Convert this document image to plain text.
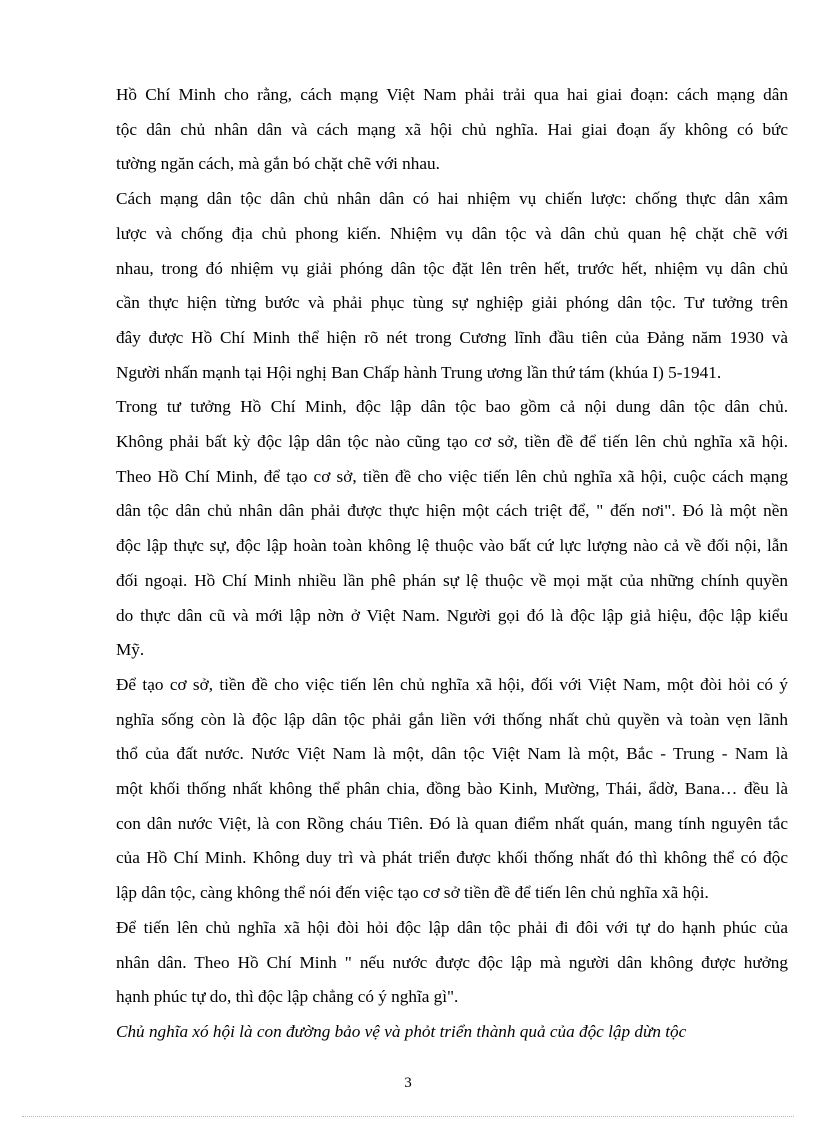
Hồ Chí Minh cho rằng, cách mạng Việt Nam phải trải qua hai giai đoạn: cách mạng dân
tộc dân chủ nhân dân và cách mạng xã hội chủ nghĩa. Hai giai đoạn ấy không có bức
tường ngăn cách, mà gắn bó chặt chẽ với nhau.

Cách mạng dân tộc dân chủ nhân dân có hai nhiệm vụ chiến lược: chống thực dân xâm
lược và chống địa chủ phong kiến. Nhiệm vụ dân tộc và dân chủ quan hệ chặt chẽ với
nhau, trong đó nhiệm vụ giải phóng dân tộc đặt lên trên hết, trước hết, nhiệm vụ dân chủ
cần thực hiện từng bước và phải phục tùng sự nghiệp giải phóng dân tộc. Tư tưởng trên
đây được Hồ Chí Minh thể hiện rõ nét trong Cương lĩnh đầu tiên của Đảng năm 1930 và
Người nhấn mạnh tại Hội nghị Ban Chấp hành Trung ương lần thứ tám (khúa I) 5-1941.

Trong tư tưởng Hồ Chí Minh, độc lập dân tộc bao gồm cả nội dung dân tộc dân chủ.
Không phải bất kỳ độc lập dân tộc nào cũng tạo cơ sở, tiền đề để tiến lên chủ nghĩa xã hội.
Theo Hồ Chí Minh, để tạo cơ sở, tiền đề cho việc tiến lên chủ nghĩa xã hội, cuộc cách mạng
dân tộc dân chủ nhân dân phải được thực hiện một cách triệt để, " đến nơi". Đó là một nền
độc lập thực sự, độc lập hoàn toàn không lệ thuộc vào bất cứ lực lượng nào cả về đối nội, lẫn
đối ngoại. Hồ Chí Minh nhiều lần phê phán sự lệ thuộc về mọi mặt của những chính quyền
do thực dân cũ và mới lập nờn ở Việt Nam. Người gọi đó là độc lập giả hiệu, độc lập kiểu
Mỹ.

Để tạo cơ sở, tiền đề cho việc tiến lên chủ nghĩa xã hội, đối với Việt Nam, một đòi hỏi có ý
nghĩa sống còn là độc lập dân tộc phải gắn liền với thống nhất chủ quyền và toàn vẹn lãnh
thổ của đất nước. Nước Việt Nam là một, dân tộc Việt Nam là một, Bắc - Trung - Nam là
một khối thống nhất không thể phân chia, đồng bào Kinh, Mường, Thái, ẩdờ, Bana… đều là
con dân nước Việt, là con Rồng cháu Tiên. Đó là quan điểm nhất quán, mang tính nguyên tắc
của Hồ Chí Minh. Không duy trì và phát triển được khối thống nhất đó thì không thể có độc
lập dân tộc, càng không thể nói đến việc tạo cơ sở tiền đề để tiến lên chủ nghĩa xã hội.

Để tiến lên chủ nghĩa xã hội đòi hỏi độc lập dân tộc phải đi đôi với tự do hạnh phúc của
nhân dân. Theo Hồ Chí Minh " nếu nước được độc lập mà người dân không được hưởng
hạnh phúc tự do, thì độc lập chẳng có ý nghĩa gì".

Chủ nghĩa xó hội là con đường bảo vệ và phỏt triển thành quả của độc lập dừn tộc

3
